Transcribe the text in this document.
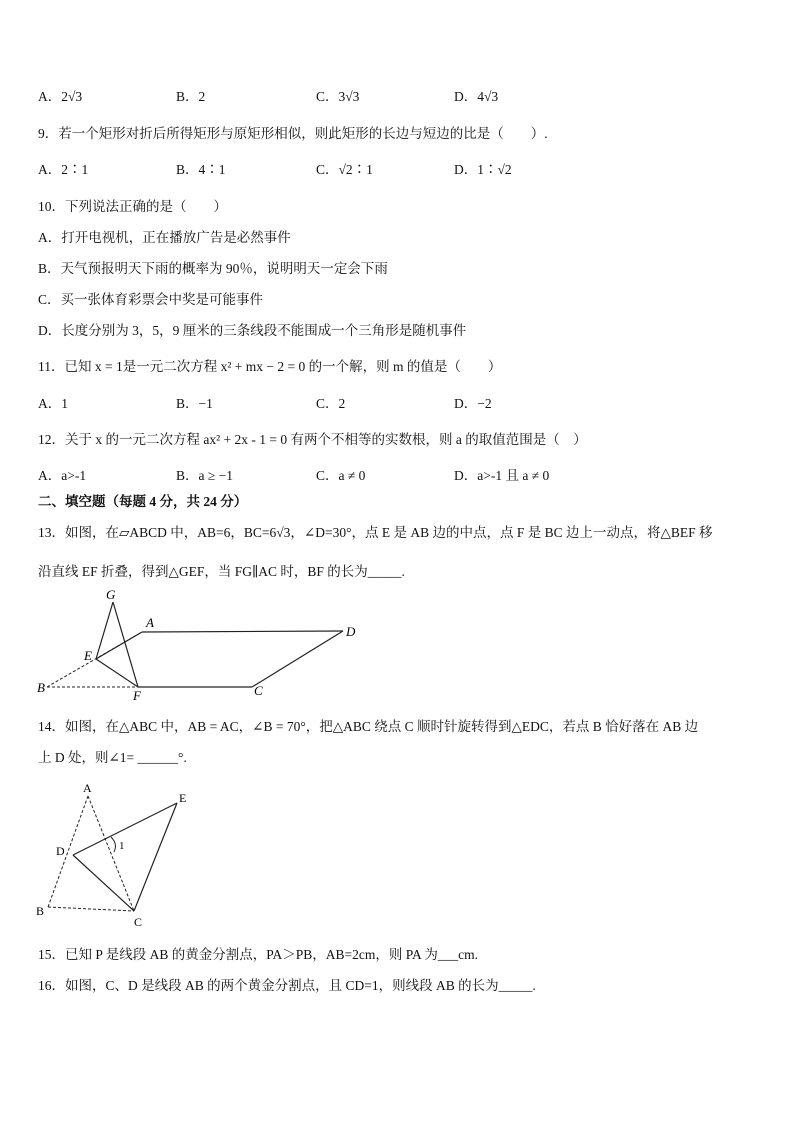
A．2√3	B．2	C．3√3	D．4√3
9．若一个矩形对折后所得矩形与原矩形相似，则此矩形的长边与短边的比是（　　）.
A．2∶1	B．4∶1	C．√2∶1	D．1∶√2
10．下列说法正确的是（　　）
A．打开电视机，正在播放广告是必然事件
B．天气预报明天下雨的概率为 90％，说明明天一定会下雨
C．买一张体育彩票会中奖是可能事件
D．长度分别为 3，5，9 厘米的三条线段不能围成一个三角形是随机事件
11．已知 x = 1是一元二次方程 x² + mx − 2 = 0 的一个解，则 m 的值是（　　）
A．1	B．−1	C．2	D．−2
12．关于 x 的一元二次方程 ax² + 2x - 1 = 0 有两个不相等的实数根，则 a 的取值范围是（　）
A．a>-1	B．a ≥ −1	C．a ≠ 0	D．a>-1 且 a ≠ 0
二、填空题（每题 4 分，共 24 分）
13．如图，在▱ABCD 中，AB=6，BC=6√3，∠D=30°，点 E 是 AB 边的中点，点 F 是 BC 边上一动点，将△BEF 移
沿直线 EF 折叠，得到△GEF，当 FG∥AC 时，BF 的长为_____.
G
A
D
E
B
F	C
14．如图，在△ABC 中，AB = AC，∠B = 70°，把△ABC 绕点 C 顺时针旋转得到△EDC，若点 B 恰好落在 AB 边
上 D 处，则∠1= ______°.
A
E
D	1
B
C
15．已知 P 是线段 AB 的黄金分割点，PA＞PB，AB=2cm，则 PA 为___cm.
16．如图，C、D 是线段 AB 的两个黄金分割点，且 CD=1，则线段 AB 的长为_____.
